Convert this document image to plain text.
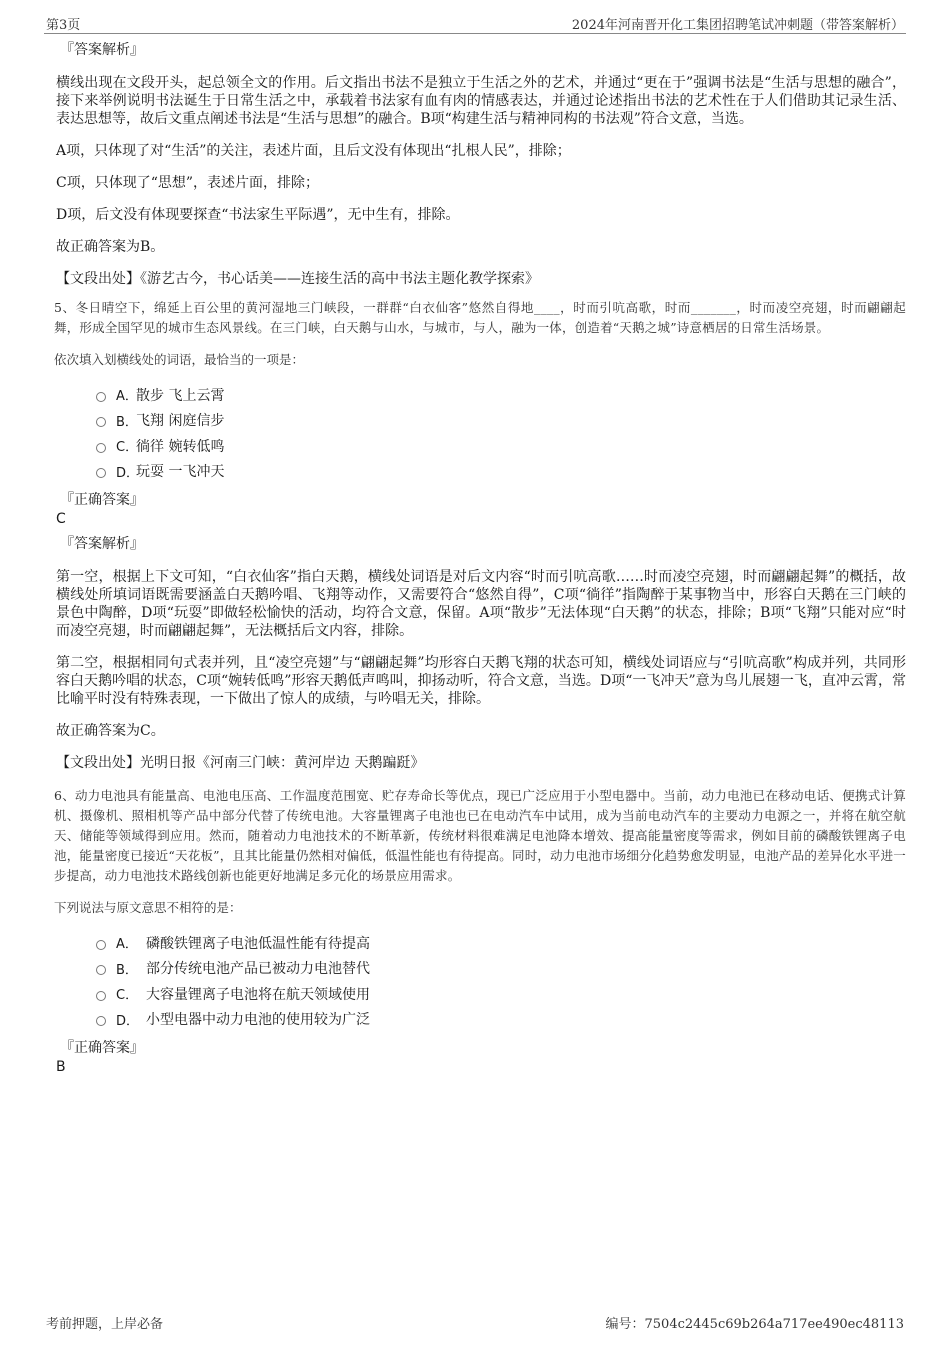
第3页	2024年河南晋开化工集团招聘笔试冲刺题（带答案解析）
『答案解析』
横线出现在文段开头，起总领全文的作用。后文指出书法不是独立于生活之外的艺术，并通过“更在于”强调书法是“生活与思想的融合”，接下来举例说明书法诞生于日常生活之中，承载着书法家有血有肉的情感表达，并通过论述指出书法的艺术性在于人们借助其记录生活、表达思想等，故后文重点阐述书法是“生活与思想”的融合。B项“构建生活与精神同构的书法观”符合文意，当选。
A项，只体现了对“生活”的关注，表述片面，且后文没有体现出“扎根人民”，排除；
C项，只体现了“思想”，表述片面，排除；
D项，后文没有体现要探查“书法家生平际遇”，无中生有，排除。
故正确答案为B。
【文段出处】《游艺古今，书心话美——连接生活的高中书法主题化教学探索》
5、冬日晴空下，绵延上百公里的黄河湿地三门峡段，一群群“白衣仙客”悠然自得地____，时而引吭高歌，时而_______，时而凌空亮翅，时而翩翩起舞，形成全国罕见的城市生态风景线。在三门峡，白天鹅与山水，与城市，与人，融为一体，创造着“天鹅之城”诗意栖居的日常生活场景。
依次填入划横线处的词语，最恰当的一项是：
A．
散步 飞上云霄
B．
飞翔 闲庭信步
C．
徜徉 婉转低鸣
D．
玩耍 一飞冲天
『正确答案』
C
『答案解析』
第一空，根据上下文可知，“白衣仙客”指白天鹅，横线处词语是对后文内容“时而引吭高歌……时而凌空亮翅，时而翩翩起舞”的概括，故横线处所填词语既需要涵盖白天鹅吟唱、飞翔等动作，又需要符合“悠然自得”，C项“徜徉”指陶醉于某事物当中，形容白天鹅在三门峡的景色中陶醉，D项“玩耍”即做轻松愉快的活动，均符合文意，保留。A项“散步”无法体现“白天鹅”的状态，排除；B项“飞翔”只能对应“时而凌空亮翅，时而翩翩起舞”，无法概括后文内容，排除。
第二空，根据相同句式表并列，且“凌空亮翅”与“翩翩起舞”均形容白天鹅飞翔的状态可知，横线处词语应与“引吭高歌”构成并列，共同形容白天鹅吟唱的状态，C项“婉转低鸣”形容天鹅低声鸣叫，抑扬动听，符合文意，当选。D项“一飞冲天”意为鸟儿展翅一飞，直冲云霄，常比喻平时没有特殊表现，一下做出了惊人的成绩，与吟唱无关，排除。
故正确答案为C。
【文段出处】光明日报《河南三门峡：黄河岸边 天鹅蹁跹》
6、动力电池具有能量高、电池电压高、工作温度范围宽、贮存寿命长等优点，现已广泛应用于小型电器中。当前，动力电池已在移动电话、便携式计算机、摄像机、照相机等产品中部分代替了传统电池。大容量锂离子电池也已在电动汽车中试用，成为当前电动汽车的主要动力电源之一，并将在航空航天、储能等领域得到应用。然而，随着动力电池技术的不断革新，传统材料很难满足电池降本增效、提高能量密度等需求，例如目前的磷酸铁锂离子电池，能量密度已接近“天花板”，且其比能量仍然相对偏低，低温性能也有待提高。同时，动力电池市场细分化趋势愈发明显，电池产品的差异化水平进一步提高，动力电池技术路线创新也能更好地满足多元化的场景应用需求。
下列说法与原文意思不相符的是：
A． 磷酸铁锂离子电池低温性能有待提高
B． 部分传统电池产品已被动力电池替代
C． 大容量锂离子电池将在航天领域使用
D． 小型电器中动力电池的使用较为广泛
『正确答案』
B
考前押题，上岸必备	编号：7504c2445c69b264a717ee490ec48113
